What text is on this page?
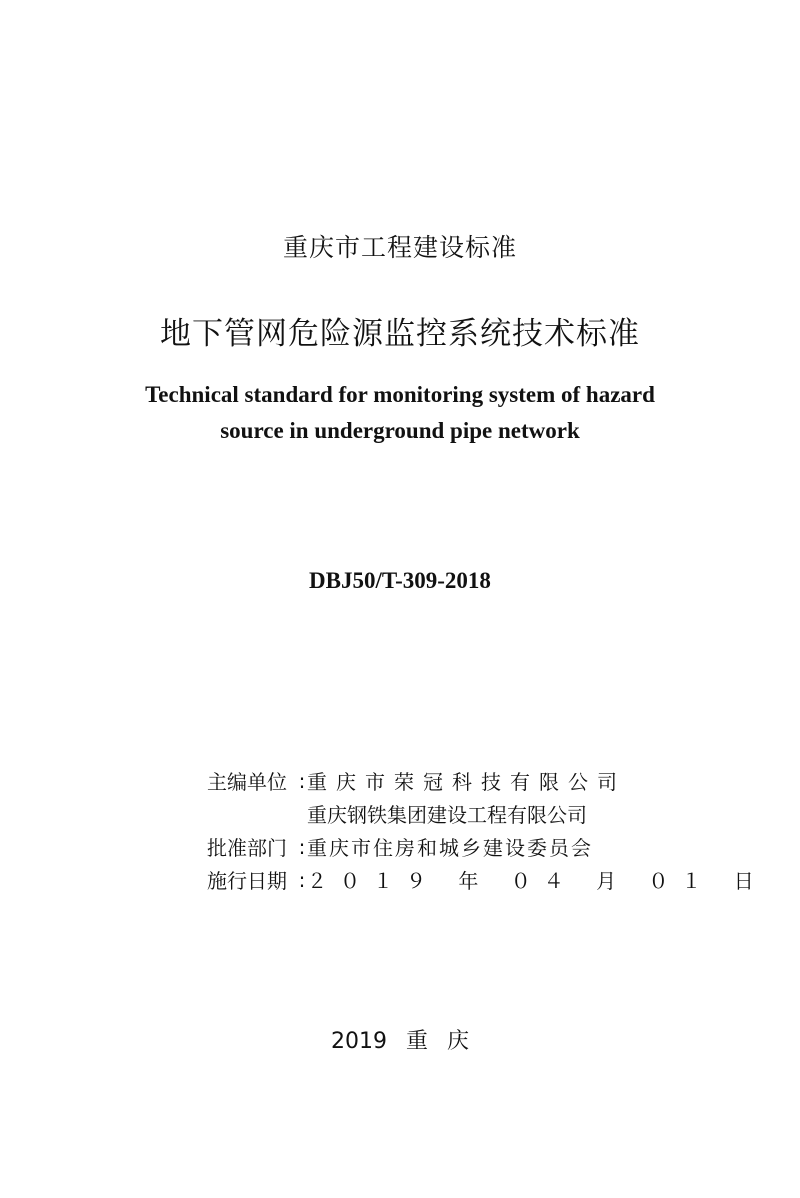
重庆市工程建设标准
地下管网危险源监控系统技术标准
Technical standard for monitoring system of hazard
source in underground pipe network
DBJ50/T-309-2018
主编单位 : 重庆市荣冠科技有限公司
重庆钢铁集团建设工程有限公司
批准部门 : 重庆市住房和城乡建设委员会
施行日期 : ２０１９ 年 ０４ 月 ０１ 日
2019 重 庆
